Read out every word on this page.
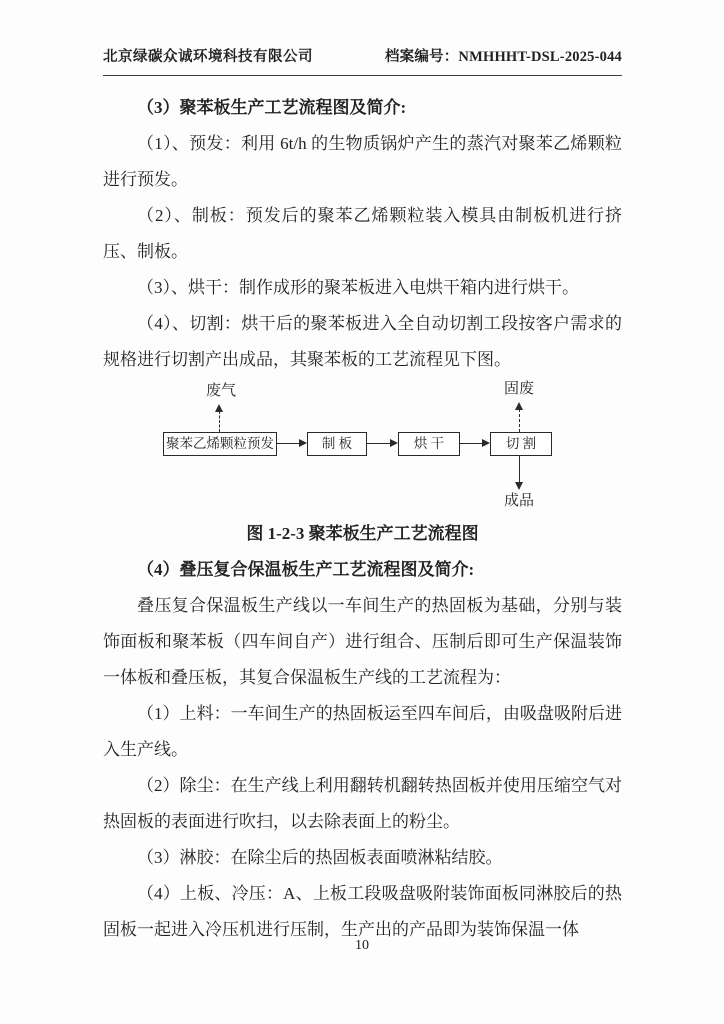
北京绿碳众诚环境科技有限公司	档案编号：NMHHHT-DSL-2025-044

（3）聚苯板生产工艺流程图及简介:

（1）、预发：利用 6t/h 的生物质锅炉产生的蒸汽对聚苯乙烯颗粒进行预发。

（2）、制板：预发后的聚苯乙烯颗粒装入模具由制板机进行挤压、制板。

（3）、烘干：制作成形的聚苯板进入电烘干箱内进行烘干。

（4）、切割：烘干后的聚苯板进入全自动切割工段按客户需求的规格进行切割产出成品，其聚苯板的工艺流程见下图。

废气	固废
聚苯乙烯颗粒预发	制 板	烘 干	切 割
成品

图 1-2-3 聚苯板生产工艺流程图

（4）叠压复合保温板生产工艺流程图及简介:

叠压复合保温板生产线以一车间生产的热固板为基础，分别与装饰面板和聚苯板（四车间自产）进行组合、压制后即可生产保温装饰一体板和叠压板，其复合保温板生产线的工艺流程为：

（1）上料：一车间生产的热固板运至四车间后，由吸盘吸附后进入生产线。

（2）除尘：在生产线上利用翻转机翻转热固板并使用压缩空气对热固板的表面进行吹扫，以去除表面上的粉尘。

（3）淋胶：在除尘后的热固板表面喷淋粘结胶。

（4）上板、冷压：A、上板工段吸盘吸附装饰面板同淋胶后的热固板一起进入冷压机进行压制，生产出的产品即为装饰保温一体

10
